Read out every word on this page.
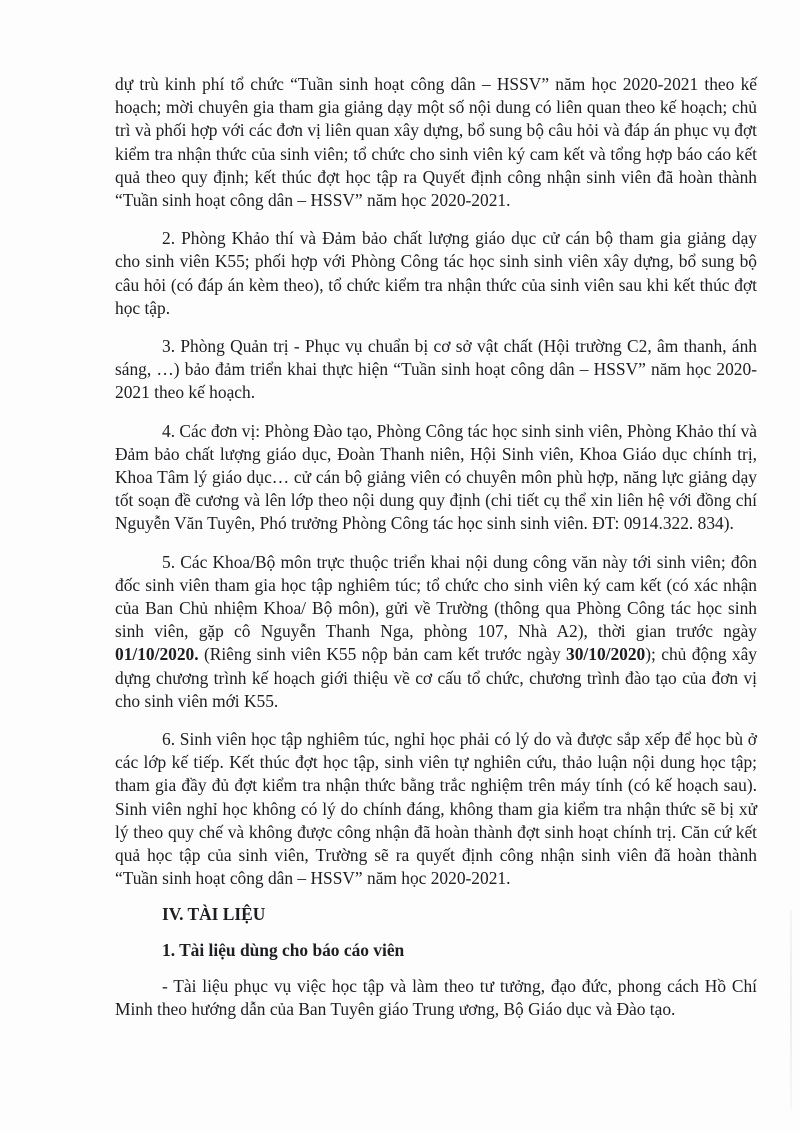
dự trù kinh phí tổ chức “Tuần sinh hoạt công dân – HSSV” năm học 2020-2021 theo kế hoạch; mời chuyên gia tham gia giảng dạy một số nội dung có liên quan theo kế hoạch; chủ trì và phối hợp với các đơn vị liên quan xây dựng, bổ sung bộ câu hỏi và đáp án phục vụ đợt kiểm tra nhận thức của sinh viên; tổ chức cho sinh viên ký cam kết và tổng hợp báo cáo kết quả theo quy định; kết thúc đợt học tập ra Quyết định công nhận sinh viên đã hoàn thành “Tuần sinh hoạt công dân – HSSV” năm học 2020-2021.

2. Phòng Khảo thí và Đảm bảo chất lượng giáo dục cử cán bộ tham gia giảng dạy cho sinh viên K55; phối hợp với Phòng Công tác học sinh sinh viên xây dựng, bổ sung bộ câu hỏi (có đáp án kèm theo), tổ chức kiểm tra nhận thức của sinh viên sau khi kết thúc đợt học tập.

3. Phòng Quản trị - Phục vụ chuẩn bị cơ sở vật chất (Hội trường C2, âm thanh, ánh sáng, …) bảo đảm triển khai thực hiện “Tuần sinh hoạt công dân – HSSV” năm học 2020-2021 theo kế hoạch.

4. Các đơn vị: Phòng Đào tạo, Phòng Công tác học sinh sinh viên, Phòng Khảo thí và Đảm bảo chất lượng giáo dục, Đoàn Thanh niên, Hội Sinh viên, Khoa Giáo dục chính trị, Khoa Tâm lý giáo dục… cử cán bộ giảng viên có chuyên môn phù hợp, năng lực giảng dạy tốt soạn đề cương và lên lớp theo nội dung quy định (chi tiết cụ thể xin liên hệ với đồng chí Nguyễn Văn Tuyên, Phó trưởng Phòng Công tác học sinh sinh viên. ĐT: 0914.322. 834).

5. Các Khoa/Bộ môn trực thuộc triển khai nội dung công văn này tới sinh viên; đôn đốc sinh viên tham gia học tập nghiêm túc; tổ chức cho sinh viên ký cam kết (có xác nhận của Ban Chủ nhiệm Khoa/ Bộ môn), gửi về Trường (thông qua Phòng Công tác học sinh sinh viên, gặp cô Nguyễn Thanh Nga, phòng 107, Nhà A2), thời gian trước ngày 01/10/2020. (Riêng sinh viên K55 nộp bản cam kết trước ngày 30/10/2020); chủ động xây dựng chương trình kế hoạch giới thiệu về cơ cấu tổ chức, chương trình đào tạo của đơn vị cho sinh viên mới K55.

6. Sinh viên học tập nghiêm túc, nghỉ học phải có lý do và được sắp xếp để học bù ở các lớp kế tiếp. Kết thúc đợt học tập, sinh viên tự nghiên cứu, thảo luận nội dung học tập; tham gia đầy đủ đợt kiểm tra nhận thức bằng trắc nghiệm trên máy tính (có kế hoạch sau). Sinh viên nghỉ học không có lý do chính đáng, không tham gia kiểm tra nhận thức sẽ bị xử lý theo quy chế và không được công nhận đã hoàn thành đợt sinh hoạt chính trị. Căn cứ kết quả học tập của sinh viên, Trường sẽ ra quyết định công nhận sinh viên đã hoàn thành “Tuần sinh hoạt công dân – HSSV” năm học 2020-2021.

IV. TÀI LIỆU
1. Tài liệu dùng cho báo cáo viên

- Tài liệu phục vụ việc học tập và làm theo tư tưởng, đạo đức, phong cách Hồ Chí Minh theo hướng dẫn của Ban Tuyên giáo Trung ương, Bộ Giáo dục và Đào tạo.
